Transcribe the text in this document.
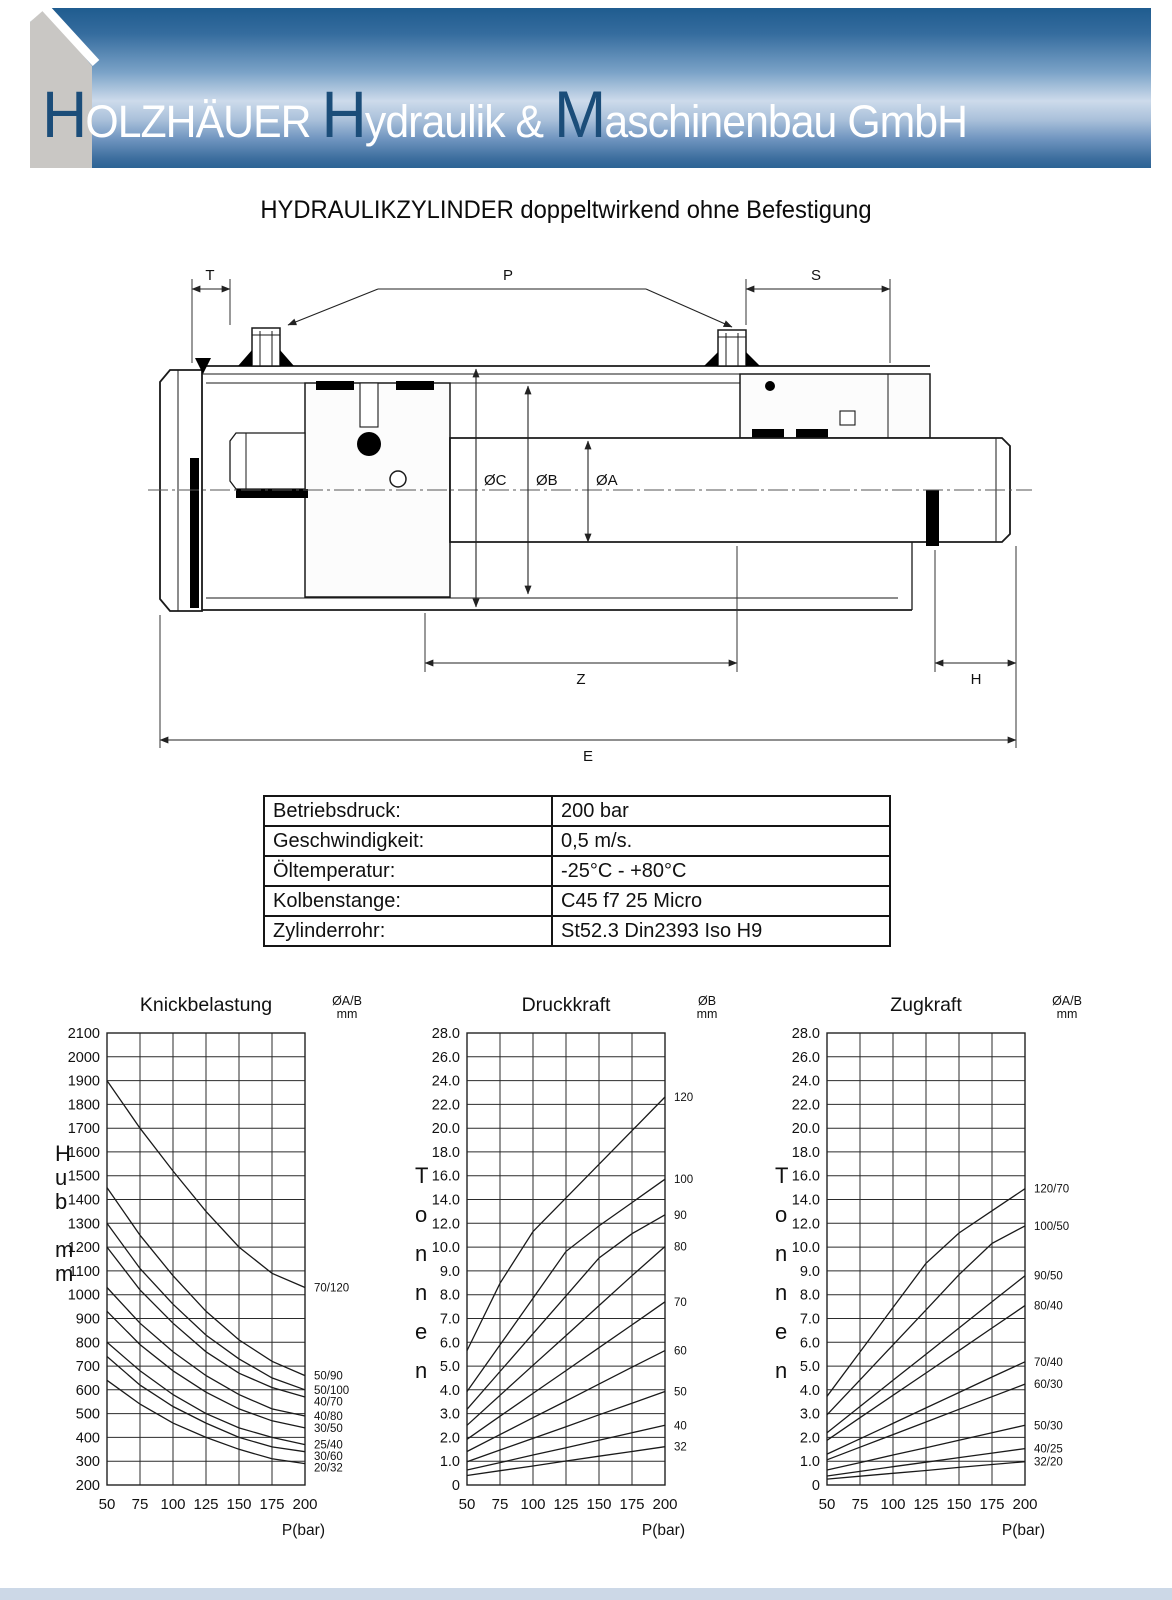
HOLZHÄUER Hydraulik & Maschinenbau GmbH
HYDRAULIKZYLINDER doppeltwirkend ohne Befestigung
T	P	S
ØC ØB	ØA
Z	H
E
Betriebsdruck:	200 bar
Geschwindigkeit:	0,5 m/s.
Öltemperatur:	-25°C - +80°C
Kolbenstange:	C45 f7 25 Micro
Zylinderrohr:	St52.3 Din2393 Iso H9
2100
2000
1900
1800
1700
1600
1500
1400
1300
1200
1100
1000
900
800
700
600
500
400
300
200
50 75 100 125 150 175 200
70/120
50/90
50/100
40/70
40/80
30/50
25/40
30/60
20/32
Knickbelastung	ØA/B
mm
P(bar)
H
u
b
m
m
28.0
26.0
24.0
22.0
20.0
18.0
16.0
14.0
12.0
10.0
9.0
8.0
7.0
6.0
5.0
4.0
3.0
2.0
1.0
0
50 75 100 125 150 175 200
120
100
90
80
70
60
50
40
32
Druckkraft	ØB
mm
P(bar)
T
o
n
n
e
n
28.0
26.0
24.0
22.0
20.0
18.0
16.0
14.0
12.0
10.0
9.0
8.0
7.0
6.0
5.0
4.0
3.0
2.0
1.0
0
50 75 100 125 150 175 200
120/70
100/50
90/50
80/40
70/40
60/30
50/30
40/25
32/20
Zugkraft	ØA/B
mm
P(bar)
T
o
n
n
e
n
